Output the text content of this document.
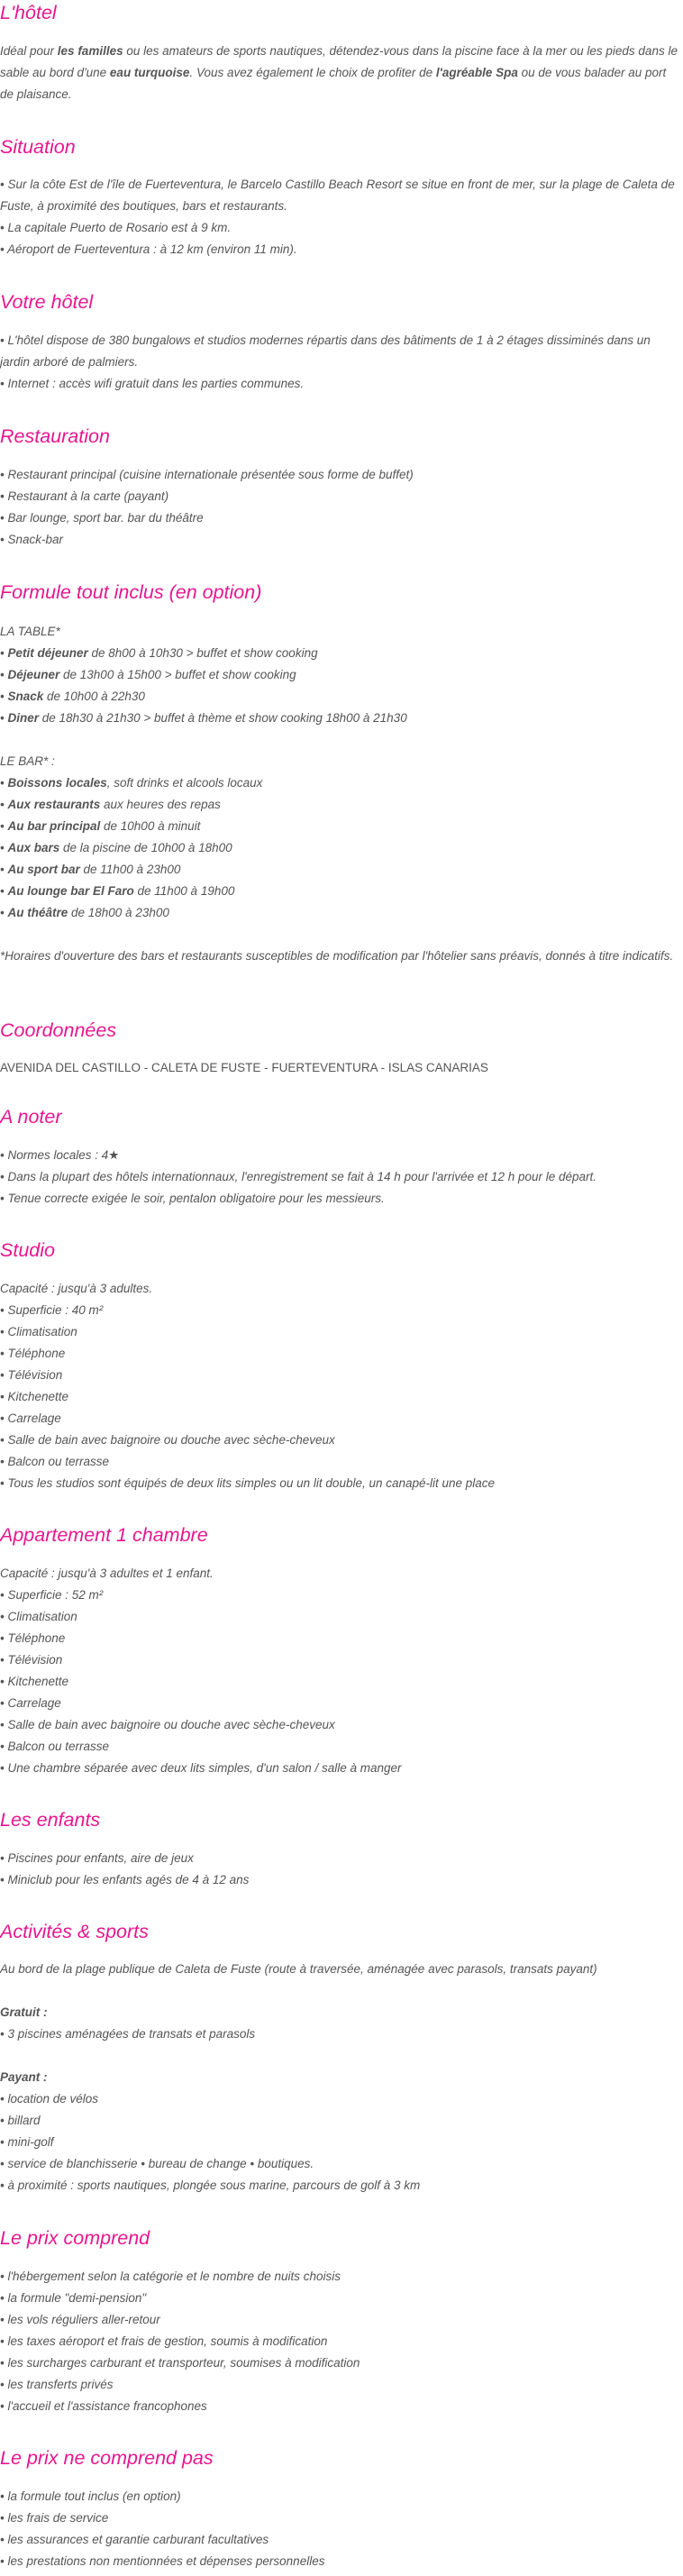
L'hôtel
Idéal pour les familles ou les amateurs de sports nautiques, détendez-vous dans la piscine face à la mer ou les pieds dans le sable au bord d'une eau turquoise. Vous avez également le choix de profiter de l'agréable Spa ou de vous balader au port de plaisance.
Situation
• Sur la côte Est de l'île de Fuerteventura, le Barcelo Castillo Beach Resort se situe en front de mer, sur la plage de Caleta de Fuste, à proximité des boutiques, bars et restaurants.
• La capitale Puerto de Rosario est à 9 km.
• Aéroport de Fuerteventura : à 12 km (environ 11 min).
Votre hôtel
• L'hôtel dispose de 380 bungalows et studios modernes répartis dans des bâtiments de 1 à 2 étages dissiminés dans un jardin arboré de palmiers.
• Internet : accès wifi gratuit dans les parties communes.
Restauration
• Restaurant principal (cuisine internationale présentée sous forme de buffet)
• Restaurant à la carte (payant)
• Bar lounge, sport bar. bar du théâtre
• Snack-bar
Formule tout inclus (en option)
LA TABLE*
• Petit déjeuner de 8h00 à 10h30 > buffet et show cooking
• Déjeuner de 13h00 à 15h00 > buffet et show cooking
• Snack de 10h00 à 22h30
• Diner de 18h30 à 21h30 > buffet à thème et show cooking 18h00 à 21h30
LE BAR* :
• Boissons locales, soft drinks et alcools locaux
• Aux restaurants aux heures des repas
• Au bar principal de 10h00 à minuit
• Aux bars de la piscine de 10h00 à 18h00
• Au sport bar de 11h00 à 23h00
• Au lounge bar El Faro de 11h00 à 19h00
• Au théâtre de 18h00 à 23h00
*Horaires d'ouverture des bars et restaurants susceptibles de modification par l'hôtelier sans préavis, donnés à titre indicatifs.
Coordonnées
AVENIDA DEL CASTILLO - CALETA DE FUSTE - FUERTEVENTURA - ISLAS CANARIAS
A noter
• Normes locales : 4★
• Dans la plupart des hôtels internationnaux, l'enregistrement se fait à 14 h pour l'arrivée et 12 h pour le départ.
• Tenue correcte exigée le soir, pentalon obligatoire pour les messieurs.
Studio
Capacité : jusqu'à 3 adultes.
• Superficie : 40 m²
• Climatisation
• Téléphone
• Télévision
• Kitchenette
• Carrelage
• Salle de bain avec baignoire ou douche avec sèche-cheveux
• Balcon ou terrasse
• Tous les studios sont équipés de deux lits simples ou un lit double, un canapé-lit une place
Appartement 1 chambre
Capacité : jusqu'à 3 adultes et 1 enfant.
• Superficie : 52 m²
• Climatisation
• Téléphone
• Télévision
• Kitchenette
• Carrelage
• Salle de bain avec baignoire ou douche avec sèche-cheveux
• Balcon ou terrasse
• Une chambre séparée avec deux lits simples, d'un salon / salle à manger
Les enfants
• Piscines pour enfants, aire de jeux
• Miniclub pour les enfants agés de 4 à 12 ans
Activités & sports
Au bord de la plage publique de Caleta de Fuste (route à traversée, aménagée avec parasols, transats payant)
Gratuit :
• 3 piscines aménagées de transats et parasols
Payant :
• location de vélos
• billard
• mini-golf
• service de blanchisserie • bureau de change • boutiques.
• à proximité : sports nautiques, plongée sous marine, parcours de golf à 3 km
Le prix comprend
• l'hébergement selon la catégorie et le nombre de nuits choisis
• la formule "demi-pension"
• les vols réguliers aller-retour
• les taxes aéroport et frais de gestion, soumis à modification
• les surcharges carburant et transporteur, soumises à modification
• les transferts privés
• l'accueil et l'assistance francophones
Le prix ne comprend pas
• la formule tout inclus (en option)
• les frais de service
• les assurances et garantie carburant facultatives
• les prestations non mentionnées et dépenses personnelles
